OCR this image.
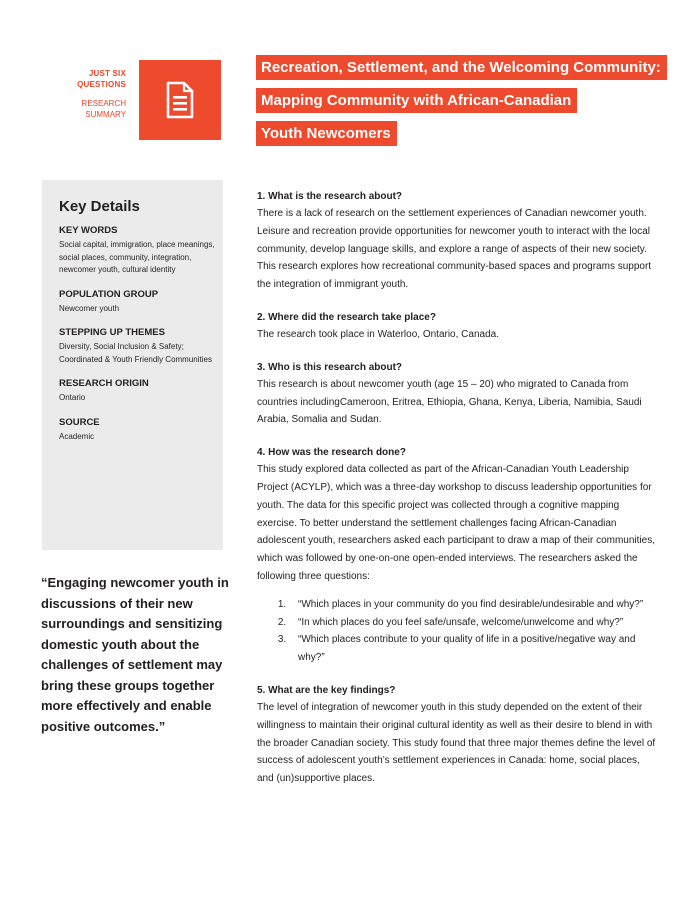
JUST SIX
QUESTIONS
RESEARCH
SUMMARY
Recreation, Settlement, and the Welcoming Community:
Mapping Community with African-Canadian
Youth Newcomers
Key Details
KEY WORDS
Social capital, immigration, place meanings, social places, community, integration, newcomer youth, cultural identity
POPULATION GROUP
Newcomer youth
STEPPING UP THEMES
Diversity, Social Inclusion & Safety; Coordinated & Youth Friendly Communities
RESEARCH ORIGIN
Ontario
SOURCE
Academic
“Engaging newcomer youth in discussions of their new surroundings and sensitizing domestic youth about the challenges of settlement may bring these groups together more effectively and enable positive outcomes.”
1. What is the research about?

There is a lack of research on the settlement experiences of Canadian newcomer youth. Leisure and recreation provide opportunities for newcomer youth to interact with the local community, develop language skills, and explore a range of aspects of their new society. This research explores how recreational community-based spaces and programs support the integration of immigrant youth.

2. Where did the research take place?

The research took place in Waterloo, Ontario, Canada.

3. Who is this research about?

This research is about newcomer youth (age 15 – 20) who migrated to Canada from countries includingCameroon, Eritrea, Ethiopia, Ghana, Kenya, Liberia, Namibia, Saudi Arabia, Somalia and Sudan.

4. How was the research done?

This study explored data collected as part of the African-Canadian Youth Leadership Project (ACYLP), which was a three-day workshop to discuss leadership opportunities for youth. The data for this specific project was collected through a cognitive mapping exercise. To better understand the settlement challenges facing African-Canadian adolescent youth, researchers asked each participant to draw a map of their communities, which was followed by one-on-one open-ended interviews. The researchers asked the following three questions:

1. “Which places in your community do you find desirable/undesirable and why?”
2. “In which places do you feel safe/unsafe, welcome/unwelcome and why?”
3. “Which places contribute to your quality of life in a positive/negative way and why?”
5. What are the key findings?

The level of integration of newcomer youth in this study depended on the extent of their willingness to maintain their original cultural identity as well as their desire to blend in with the broader Canadian society. This study found that three major themes define the level of success of adolescent youth’s settlement experiences in Canada: home, social places, and (un)supportive places.
